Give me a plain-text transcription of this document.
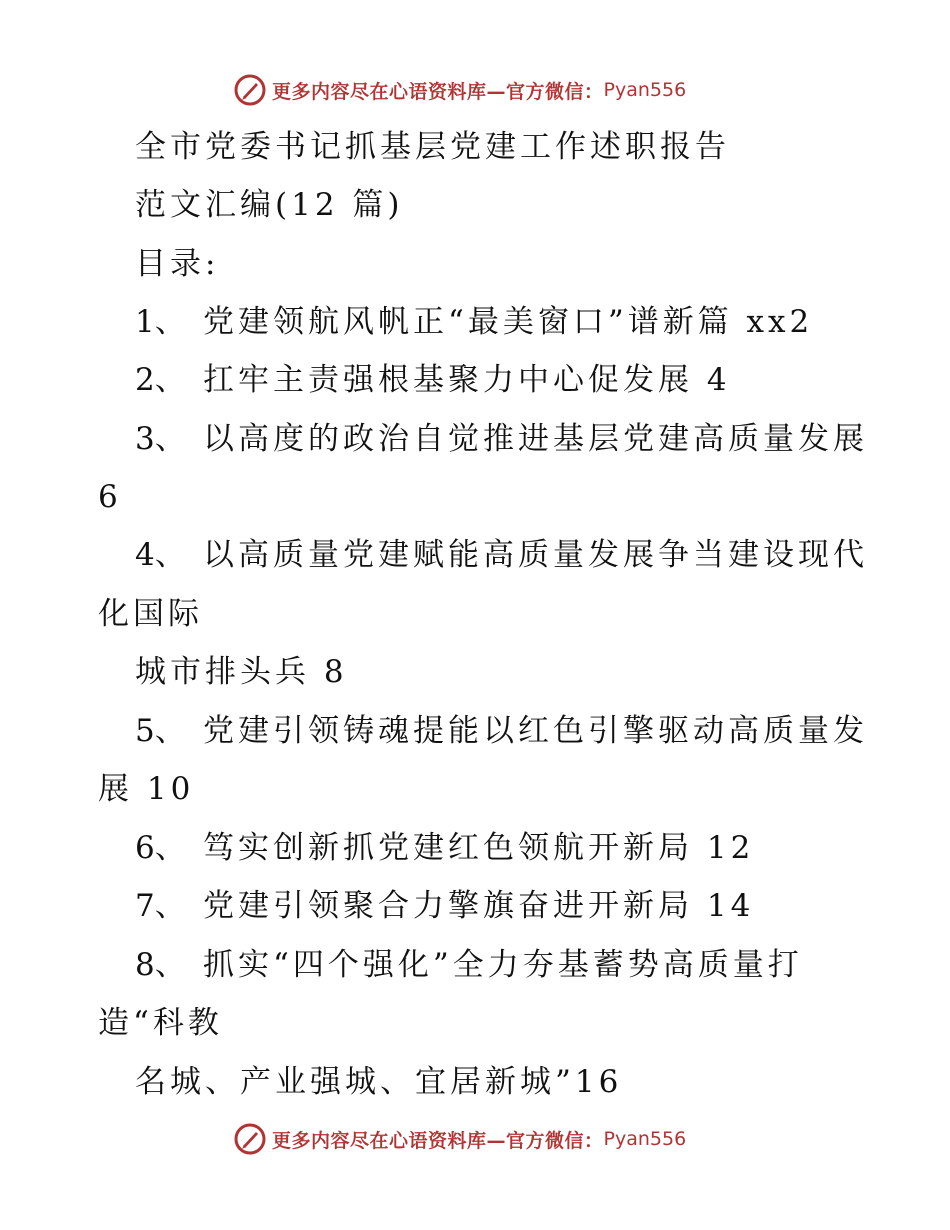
更多内容尽在心语资料库—官方微信： Pyan556
全市党委书记抓基层党建工作述职报告
范文汇编(12 篇)
目录:
1、 党建领航风帆正“最美窗口”谱新篇 xx2
2、 扛牢主责强根基聚力中心促发展 4
3、 以高度的政治自觉推进基层党建高质量发展
6
4、 以高质量党建赋能高质量发展争当建设现代
化国际
城市排头兵 8
5、 党建引领铸魂提能以红色引擎驱动高质量发
展 10
6、 笃实创新抓党建红色领航开新局 12
7、 党建引领聚合力擎旗奋进开新局 14
8、 抓实“四个强化”全力夯基蓄势高质量打
造“科教
名城、产业强城、宜居新城”16
更多内容尽在心语资料库—官方微信： Pyan556
